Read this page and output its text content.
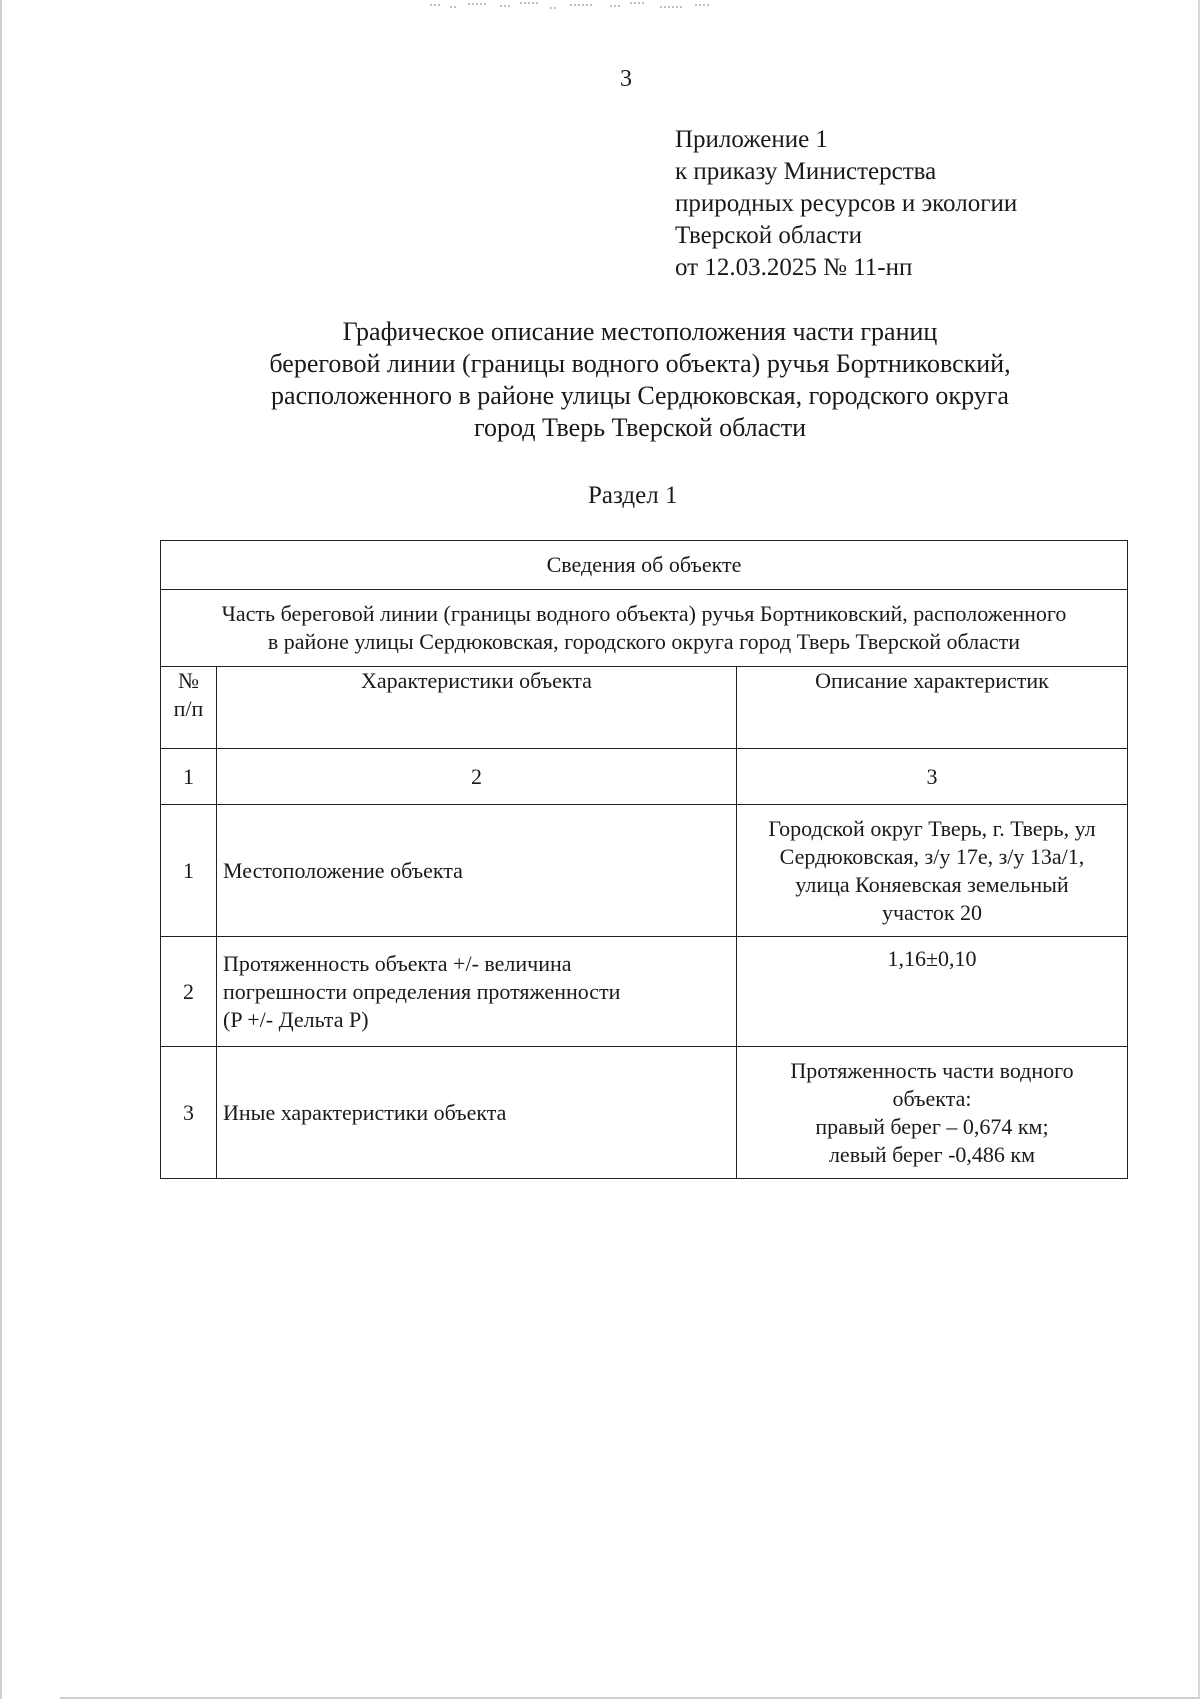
3
Приложение 1
к приказу Министерства
природных ресурсов и экологии
Тверской области
от 12.03.2025 № 11-нп
Графическое описание местоположения части границ
береговой линии (границы водного объекта) ручья Бортниковский,
расположенного в районе улицы Сердюковская, городского округа
город Тверь Тверской области
Раздел 1
Сведения об объекте		

Часть береговой линии (границы водного объекта) ручья Бортниковский, расположенного
в районе улицы Сердюковская, городского округа город Тверь Тверской области		

№
п/п	Характеристики объекта	Описание характеристик
1	2	3
1	Местоположение объекта	Городской округ Тверь, г. Тверь, ул
Сердюковская, з/у 17е, з/у 13а/1,
улица Коняевская земельный
участок 20

2	Протяженность объекта +/- величина
погрешности определения протяженности
(P +/- Дельта P)	1,16±0,10

3	Иные характеристики объекта	Протяженность части водного
объекта:
правый берег – 0,674 км;
левый берег -0,486 км
